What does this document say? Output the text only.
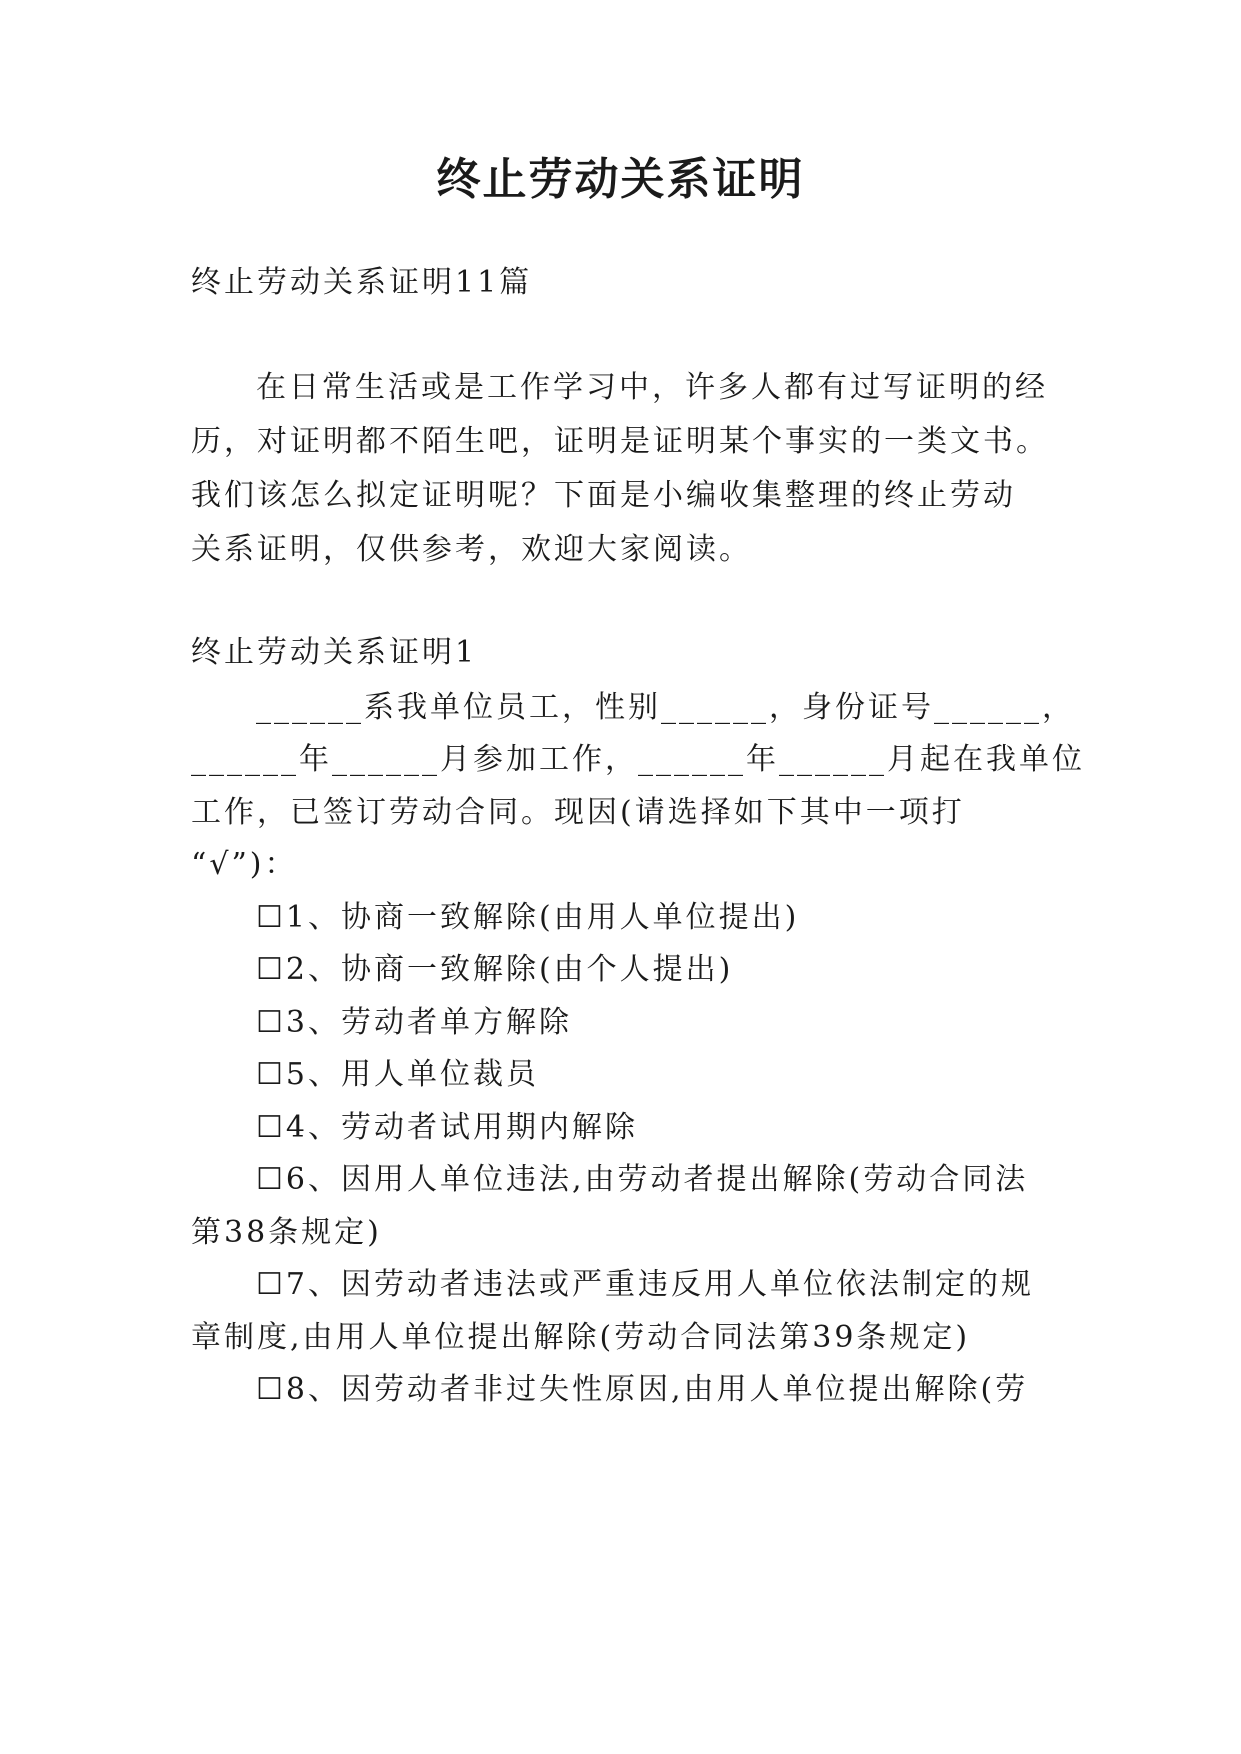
终止劳动关系证明

终止劳动关系证明11篇

在日常生活或是工作学习中，许多人都有过写证明的经

历，对证明都不陌生吧，证明是证明某个事实的一类文书。

我们该怎么拟定证明呢？下面是小编收集整理的终止劳动

关系证明，仅供参考，欢迎大家阅读。

终止劳动关系证明1

______系我单位员工，性别______，身份证号______，

______年______月参加工作，______年______月起在我单位

工作，已签订劳动合同。现因(请选择如下其中一项打

“√”)：

☐1、协商一致解除(由用人单位提出)

☐2、协商一致解除(由个人提出)

☐3、劳动者单方解除

☐5、用人单位裁员

☐4、劳动者试用期内解除

☐6、因用人单位违法,由劳动者提出解除(劳动合同法

第38条规定)

☐7、因劳动者违法或严重违反用人单位依法制定的规

章制度,由用人单位提出解除(劳动合同法第39条规定)

☐8、因劳动者非过失性原因,由用人单位提出解除(劳
